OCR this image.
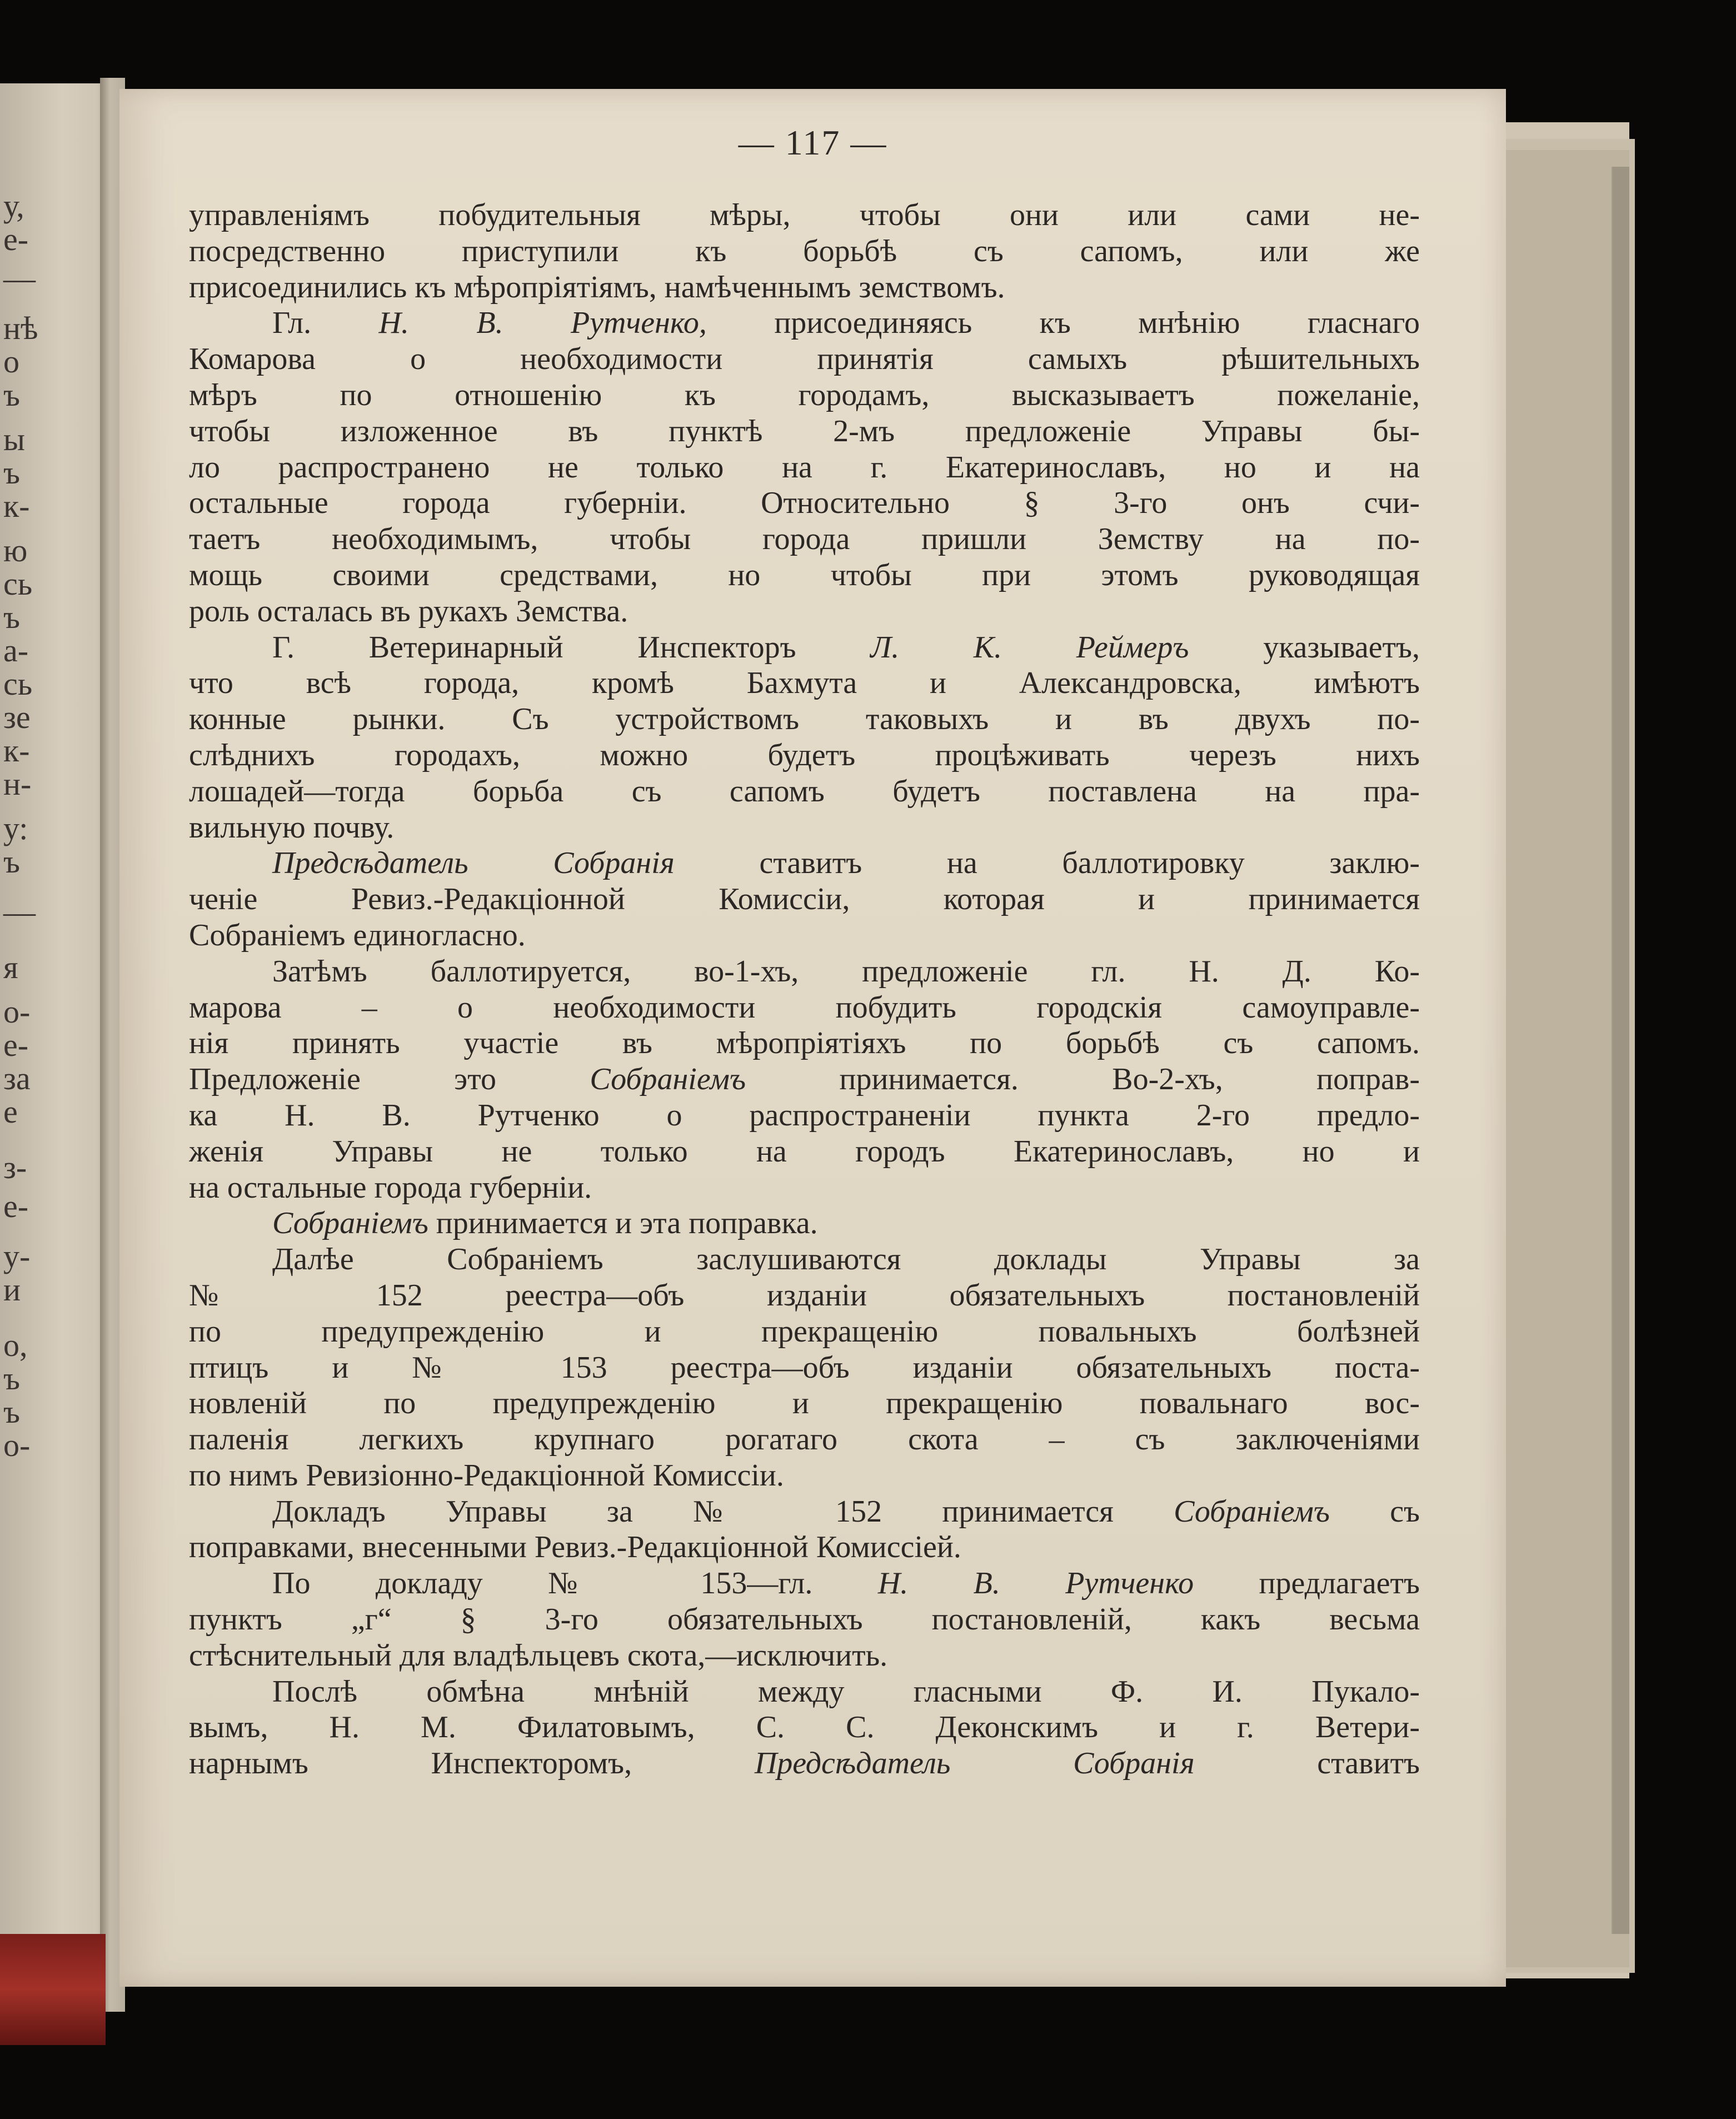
у,
е-
—
нѣ
о
ъ
ы
ъ
к-
ю
сь
ъ
а-
сь
зе
к-
н-
у:
ъ
—
я
о-
е-
за
е
з-
е-
у-
и
о,
ъ
ъ
о-
— 117 —
управленіямъ побудительныя мѣры, чтобы они или сами не-
посредственно приступили къ борьбѣ съ сапомъ, или же
присоединились къ мѣропріятіямъ, намѣченнымъ земствомъ.
Гл. Н. В. Рутченко, присоединяясь къ мнѣнію гласнаго
Комарова о необходимости принятія самыхъ рѣшительныхъ
мѣръ по отношенію къ городамъ, высказываетъ пожеланіе,
чтобы изложенное въ пунктѣ 2-мъ предложеніе Управы бы-
ло распространено не только на г. Екатеринославъ, но и на
остальные города губерніи. Относительно § 3-го онъ счи-
таетъ необходимымъ, чтобы города пришли Земству на по-
мощь своими средствами, но чтобы при этомъ руководящая
роль осталась въ рукахъ Земства.
Г. Ветеринарный Инспекторъ Л. К. Реймеръ указываетъ,
что всѣ города, кромѣ Бахмута и Александровска, имѣютъ
конные рынки. Съ устройствомъ таковыхъ и въ двухъ по-
слѣднихъ городахъ, можно будетъ процѣживать черезъ нихъ
лошадей—тогда борьба съ сапомъ будетъ поставлена на пра-
вильную почву.
Предсѣдатель Собранія ставитъ на баллотировку заклю-
ченіе Ревиз.-Редакціонной Комиссіи, которая и принимается
Собраніемъ единогласно.
Затѣмъ баллотируется, во-1-хъ, предложеніе гл. Н. Д. Ко-
марова – о необходимости побудить городскія самоуправле-
нія принять участіе въ мѣропріятіяхъ по борьбѣ съ сапомъ.
Предложеніе это Собраніемъ принимается. Во-2-хъ, поправ-
ка Н. В. Рутченко о распространеніи пункта 2-го предло-
женія Управы не только на городъ Екатеринославъ, но и
на остальные города губерніи.
Собраніемъ принимается и эта поправка.
Далѣе Собраніемъ заслушиваются доклады Управы за
№ 152 реестра—объ изданіи обязательныхъ постановленій
по предупрежденію и прекращенію повальныхъ болѣзней
птицъ и № 153 реестра—объ изданіи обязательныхъ поста-
новленій по предупрежденію и прекращенію повальнаго вос-
паленія легкихъ крупнаго рогатаго скота – съ заключеніями
по нимъ Ревизіонно-Редакціонной Комиссіи.
Докладъ Управы за № 152 принимается Собраніемъ съ
поправками, внесенными Ревиз.-Редакціонной Комиссіей.
По докладу № 153—гл. Н. В. Рутченко предлагаетъ
пунктъ „г“ § 3-го обязательныхъ постановленій, какъ весьма
стѣснительный для владѣльцевъ скота,—исключить.
Послѣ обмѣна мнѣній между гласными Ф. И. Пукало-
вымъ, Н. М. Филатовымъ, С. С. Деконскимъ и г. Ветери-
нарнымъ Инспекторомъ, Предсѣдатель Собранія ставитъ
